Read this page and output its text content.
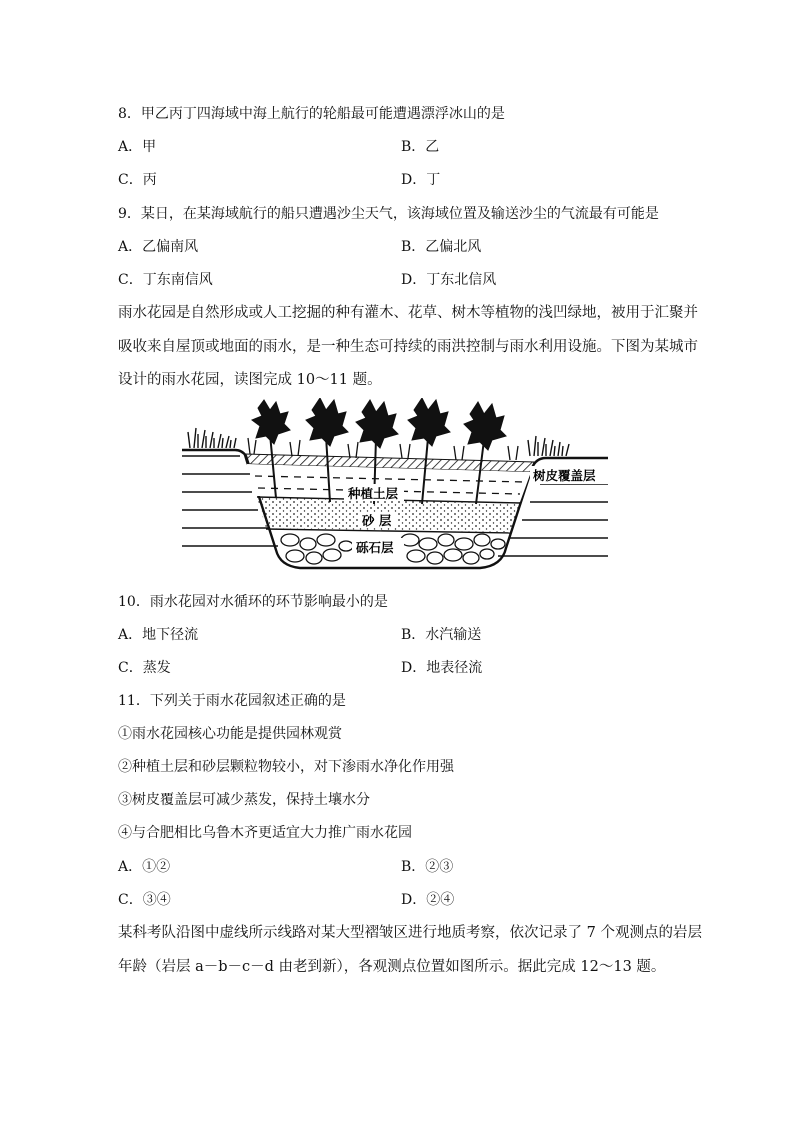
8．甲乙丙丁四海域中海上航行的轮船最可能遭遇漂浮冰山的是
A．甲	B．乙
C．丙	D．丁
9．某日，在某海域航行的船只遭遇沙尘天气，该海域位置及输送沙尘的气流最有可能是
A．乙偏南风	B．乙偏北风
C．丁东南信风	D．丁东北信风
雨水花园是自然形成或人工挖掘的种有灌木、花草、树木等植物的浅凹绿地，被用于汇聚并
吸收来自屋顶或地面的雨水，是一种生态可持续的雨洪控制与雨水利用设施。下图为某城市
设计的雨水花园，读图完成 10～11 题。
种植土层
砂 层
砾石层
树皮覆盖层
10．雨水花园对水循环的环节影响最小的是
A．地下径流	B．水汽输送
C．蒸发	D．地表径流
11．下列关于雨水花园叙述正确的是
①雨水花园核心功能是提供园林观赏
②种植土层和砂层颗粒物较小，对下渗雨水净化作用强
③树皮覆盖层可减少蒸发，保持土壤水分
④与合肥相比乌鲁木齐更适宜大力推广雨水花园
A．①②	B．②③
C．③④	D．②④
某科考队沿图中虚线所示线路对某大型褶皱区进行地质考察，依次记录了 7 个观测点的岩层
年龄（岩层 a－b－c－d 由老到新），各观测点位置如图所示。据此完成 12～13 题。
